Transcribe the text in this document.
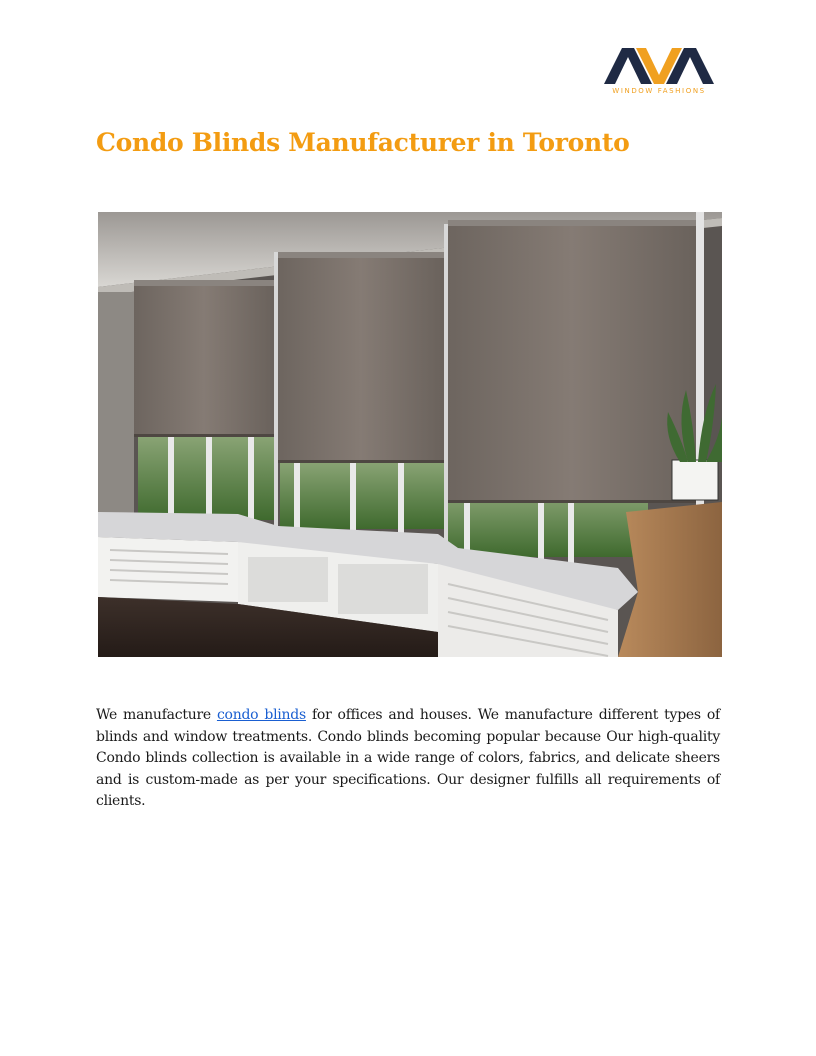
WINDOW FASHIONS
Condo Blinds Manufacturer in Toronto

We manufacture condo blinds for offices and houses. We manufacture different types of blinds and window treatments. Condo blinds becoming popular because Our high-quality Condo blinds collection is available in a wide range of colors, fabrics, and delicate sheers and is custom-made as per your specifications. Our designer fulfills all requirements of clients.
